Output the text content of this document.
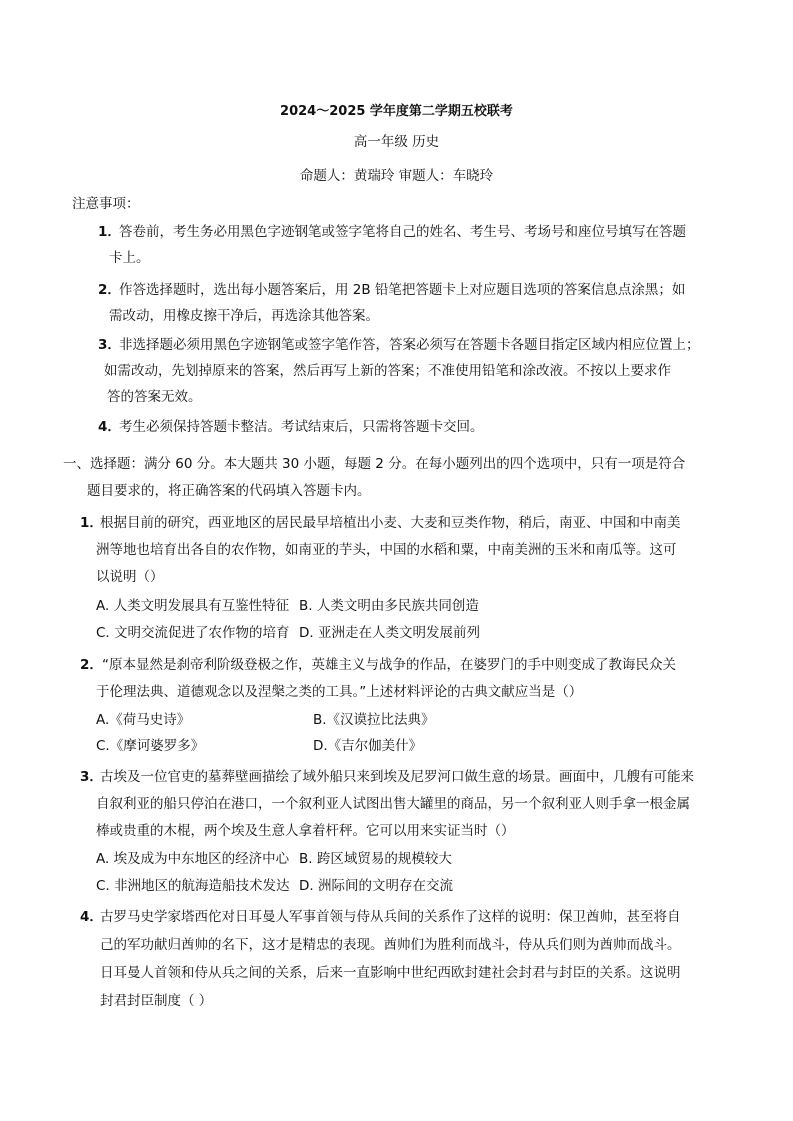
2024～2025 学年度第二学期五校联考
高一年级 历史
命题人：黄瑞玲 审题人：车晓玲
注意事项：
1．
答卷前，考生务必用黑色字迹钢笔或签字笔将自己的姓名、考生号、考场号和座位号填写在答题
卡上。
2．
作答选择题时，选出每小题答案后，用 2B 铅笔把答题卡上对应题目选项的答案信息点涂黑；如
需改动，用橡皮擦干净后，再选涂其他答案。
3．
非选择题必须用黑色字迹钢笔或签字笔作答，答案必须写在答题卡各题目指定区域内相应位置上；
如需改动，先划掉原来的答案，然后再写上新的答案；不准使用铅笔和涂改液。不按以上要求作
答的答案无效。
4．
考生必须保持答题卡整洁。考试结束后，只需将答题卡交回。
一、选择题：满分 60 分。本大题共 30 小题，每题 2 分。在每小题列出的四个选项中，只有一项是符合
题目要求的，将正确答案的代码填入答题卡内。
1．
根据目前的研究，西亚地区的居民最早培植出小麦、大麦和豆类作物，稍后，南亚、中国和中南美
洲等地也培育出各自的农作物，如南亚的芋头，中国的水稻和粟，中南美洲的玉米和南瓜等。这可
以说明（）
A. 人类文明发展具有互鉴性特征 B. 人类文明由多民族共同创造
C. 文明交流促进了农作物的培育 D. 亚洲走在人类文明发展前列
2． “原本显然是刹帝利阶级登极之作，英雄主义与战争的作品，在婆罗门的手中则变成了教诲民众关
于伦理法典、道德观念以及涅槃之类的工具。”上述材料评论的古典文献应当是（）
A.《荷马史诗》	B.《汉谟拉比法典》
C.《摩诃婆罗多》	D.《吉尔伽美什》
3．
古埃及一位官吏的墓葬壁画描绘了域外船只来到埃及尼罗河口做生意的场景。画面中，几艘有可能来
自叙利亚的船只停泊在港口，一个叙利亚人试图出售大罐里的商品，另一个叙利亚人则手拿一根金属
棒或贵重的木棍，两个埃及生意人拿着杆秤。它可以用来实证当时（）
A. 埃及成为中东地区的经济中心 B. 跨区域贸易的规模较大
C. 非洲地区的航海造船技术发达 D. 洲际间的文明存在交流
4．
古罗马史学家塔西佗对日耳曼人军事首领与侍从兵间的关系作了这样的说明：保卫酋帅，甚至将自
己的军功献归酋帅的名下，这才是精忠的表现。酋帅们为胜利而战斗，侍从兵们则为酋帅而战斗。
日耳曼人首领和侍从兵之间的关系，后来一直影响中世纪西欧封建社会封君与封臣的关系。这说明
封君封臣制度（ ）
